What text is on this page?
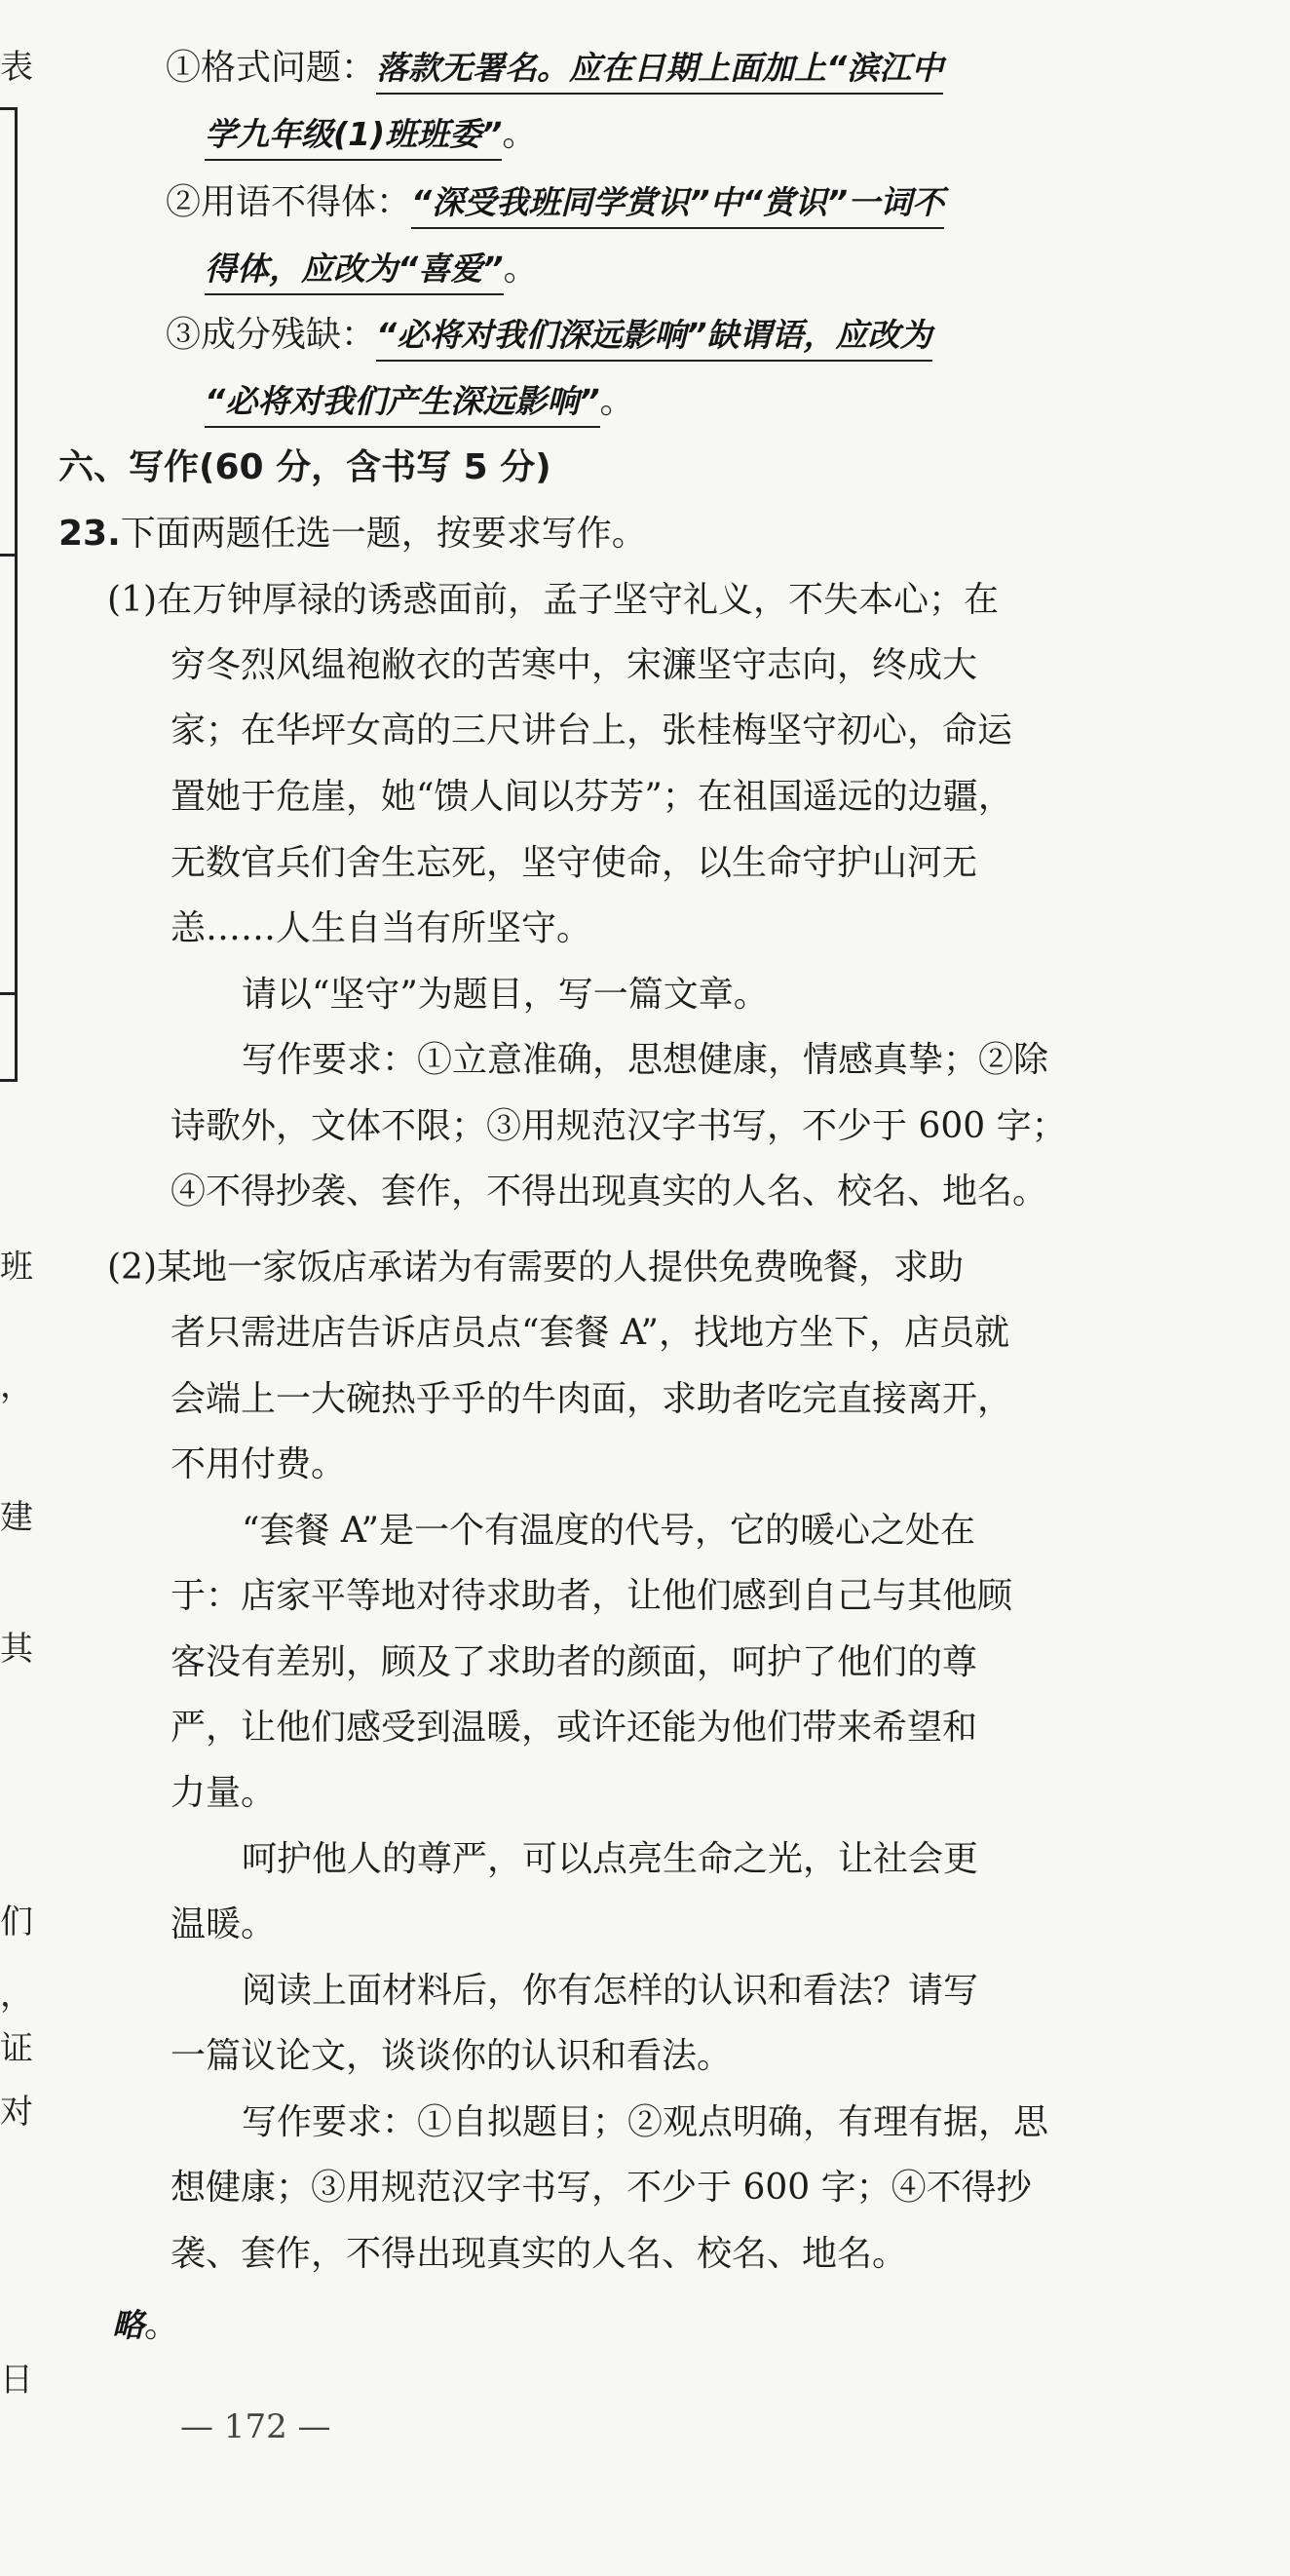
表
班
，
建
其
们
，
证
对
日
①格式问题：落款无署名。应在日期上面加上“滨江中
学九年级(1)班班委”。
②用语不得体：“深受我班同学赏识”中“赏识”一词不
得体，应改为“喜爱”。
③成分残缺：“必将对我们深远影响”缺谓语，应改为
“必将对我们产生深远影响”。
六、写作(60 分，含书写 5 分)
23.下面两题任选一题，按要求写作。
(1)在万钟厚禄的诱惑面前，孟子坚守礼义，不失本心；在
穷冬烈风缊袍敝衣的苦寒中，宋濂坚守志向，终成大
家；在华坪女高的三尺讲台上，张桂梅坚守初心，命运
置她于危崖，她“馈人间以芬芳”；在祖国遥远的边疆，
无数官兵们舍生忘死，坚守使命，以生命守护山河无
恙……人生自当有所坚守。
请以“坚守”为题目，写一篇文章。
写作要求：①立意准确，思想健康，情感真挚；②除
诗歌外，文体不限；③用规范汉字书写，不少于 600 字；
④不得抄袭、套作，不得出现真实的人名、校名、地名。
(2)某地一家饭店承诺为有需要的人提供免费晚餐，求助
者只需进店告诉店员点“套餐 A”，找地方坐下，店员就
会端上一大碗热乎乎的牛肉面，求助者吃完直接离开，
不用付费。
“套餐 A”是一个有温度的代号，它的暖心之处在
于：店家平等地对待求助者，让他们感到自己与其他顾
客没有差别，顾及了求助者的颜面，呵护了他们的尊
严，让他们感受到温暖，或许还能为他们带来希望和
力量。
呵护他人的尊严，可以点亮生命之光，让社会更
温暖。
阅读上面材料后，你有怎样的认识和看法？请写
一篇议论文，谈谈你的认识和看法。
写作要求：①自拟题目；②观点明确，有理有据，思
想健康；③用规范汉字书写，不少于 600 字；④不得抄
袭、套作，不得出现真实的人名、校名、地名。
略。
— 172 —
